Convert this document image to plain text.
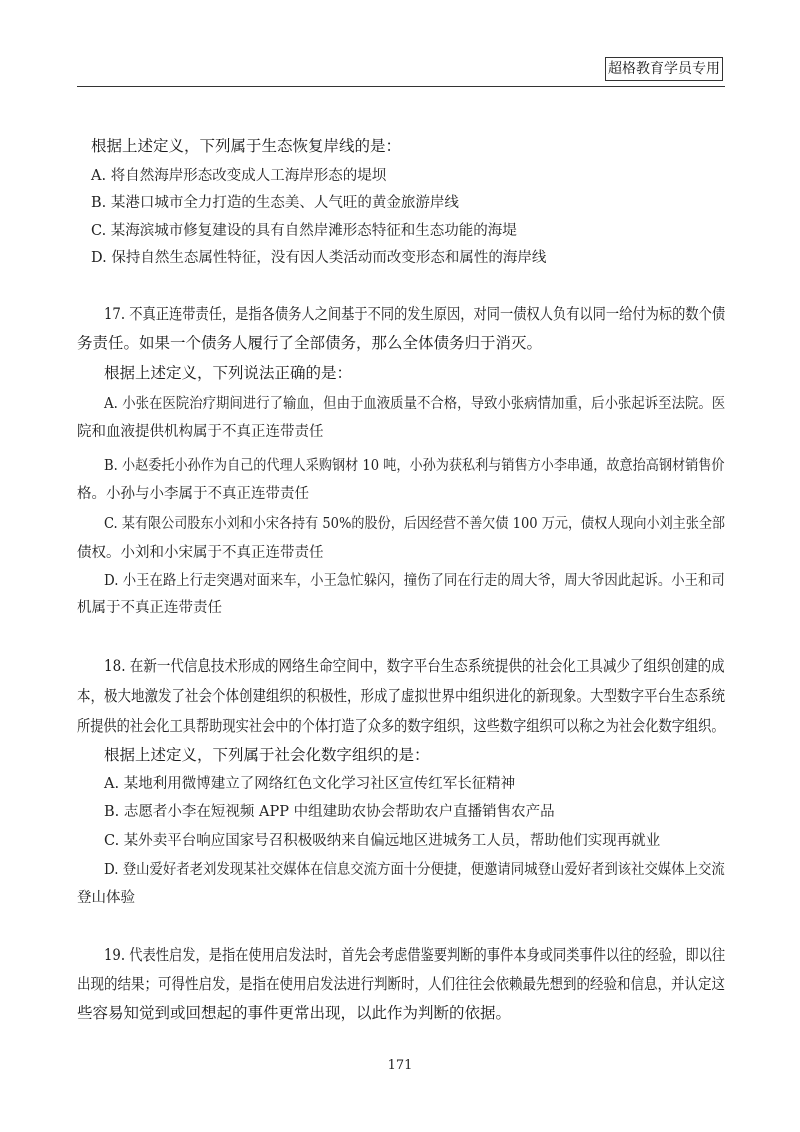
超格教育学员专用
根据上述定义，下列属于生态恢复岸线的是：
A. 将自然海岸形态改变成人工海岸形态的堤坝
B. 某港口城市全力打造的生态美、人气旺的黄金旅游岸线
C. 某海滨城市修复建设的具有自然岸滩形态特征和生态功能的海堤
D. 保持自然生态属性特征，没有因人类活动而改变形态和属性的海岸线
17. 不真正连带责任，是指各债务人之间基于不同的发生原因，对同一债权人负有以同一给付为标的数个债
务责任。如果一个债务人履行了全部债务，那么全体债务归于消灭。
根据上述定义，下列说法正确的是：
A. 小张在医院治疗期间进行了输血，但由于血液质量不合格，导致小张病情加重，后小张起诉至法院。医
院和血液提供机构属于不真正连带责任
B. 小赵委托小孙作为自己的代理人采购钢材 10 吨，小孙为获私利与销售方小李串通，故意抬高钢材销售价
格。小孙与小李属于不真正连带责任
C. 某有限公司股东小刘和小宋各持有 50%的股份，后因经营不善欠债 100 万元，债权人现向小刘主张全部
债权。小刘和小宋属于不真正连带责任
D. 小王在路上行走突遇对面来车，小王急忙躲闪，撞伤了同在行走的周大爷，周大爷因此起诉。小王和司
机属于不真正连带责任
18. 在新一代信息技术形成的网络生命空间中，数字平台生态系统提供的社会化工具减少了组织创建的成
本，极大地激发了社会个体创建组织的积极性，形成了虚拟世界中组织进化的新现象。大型数字平台生态系统
所提供的社会化工具帮助现实社会中的个体打造了众多的数字组织，这些数字组织可以称之为社会化数字组织。
根据上述定义，下列属于社会化数字组织的是：
A. 某地利用微博建立了网络红色文化学习社区宣传红军长征精神
B. 志愿者小李在短视频 APP 中组建助农协会帮助农户直播销售农产品
C. 某外卖平台响应国家号召积极吸纳来自偏远地区进城务工人员，帮助他们实现再就业
D. 登山爱好者老刘发现某社交媒体在信息交流方面十分便捷，便邀请同城登山爱好者到该社交媒体上交流
登山体验
19. 代表性启发，是指在使用启发法时，首先会考虑借鉴要判断的事件本身或同类事件以往的经验，即以往
出现的结果；可得性启发，是指在使用启发法进行判断时，人们往往会依赖最先想到的经验和信息，并认定这
些容易知觉到或回想起的事件更常出现，以此作为判断的依据。
171
